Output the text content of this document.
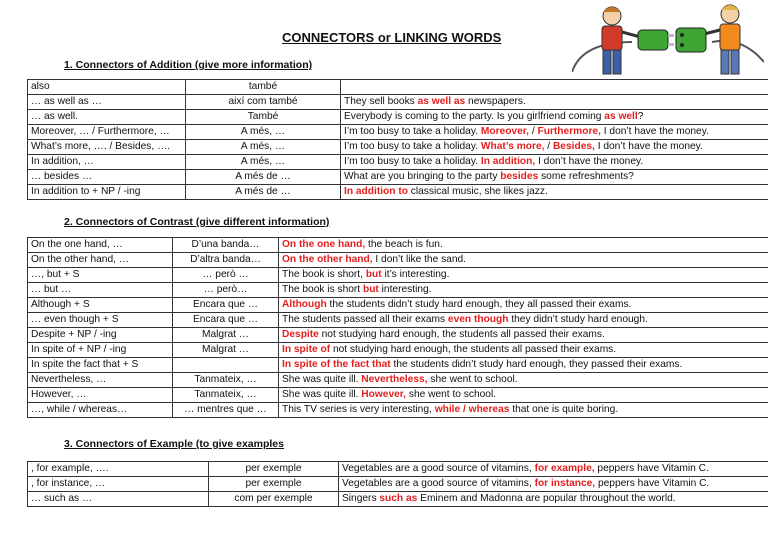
CONNECTORS or LINKING WORDS
1. Connectors of Addition (give more information)
also	també	
… as well as …	així com també	They sell books as well as newspapers.
… as well.	També	Everybody is coming to the party. Is you girlfriend coming as well?
Moreover, … / Furthermore, …	A més, …	I’m too busy to take a holiday. Moreover, / Furthermore, I don’t have the money.
What’s more, …. / Besides, ….	A més, …	I’m too busy to take a holiday. What’s more, / Besides, I don’t have the money.
In addition, …	A més, …	I’m too busy to take a holiday. In addition, I don’t have the money.
… besides …	A més de …	What are you bringing to the party besides some refreshments?
In addition to + NP / -ing	A més de …	In addition to classical music, she likes jazz.
2. Connectors of Contrast (give different information)
On the one hand, …	D’una banda…	On the one hand, the beach is fun.
On the other hand, …	D’altra banda…	On the other hand, I don’t like the sand.
…, but + S	… però …	The book is short, but it’s interesting.
… but …	… però…	The book is short but interesting.
Although + S	Encara que …	Although the students didn’t study hard enough, they all passed their exams.
… even though + S	Encara que …	The students passed all their exams even though they didn’t study hard enough.
Despite + NP / -ing	Malgrat …	Despite not studying hard enough, the students all passed their exams.
In spite of + NP / -ing	Malgrat …	In spite of not studying hard enough, the students all passed their exams.
In spite the fact that + S		In spite of the fact that the students didn’t study hard enough, they passed their exams.
Nevertheless, …	Tanmateix, …	She was quite ill. Nevertheless, she went to school.
However, …	Tanmateix, …	She was quite ill. However, she went to school.
…, while / whereas…	… mentres que …	This TV series is very interesting, while / whereas that one is quite boring.
3. Connectors of Example (to give examples
, for example, ….	per exemple	Vegetables are a good source of vitamins, for example, peppers have Vitamin C.
, for instance, …	per exemple	Vegetables are a good source of vitamins, for instance, peppers have Vitamin C.
… such as …	com per exemple	Singers such as Eminem and Madonna are popular throughout the world.
